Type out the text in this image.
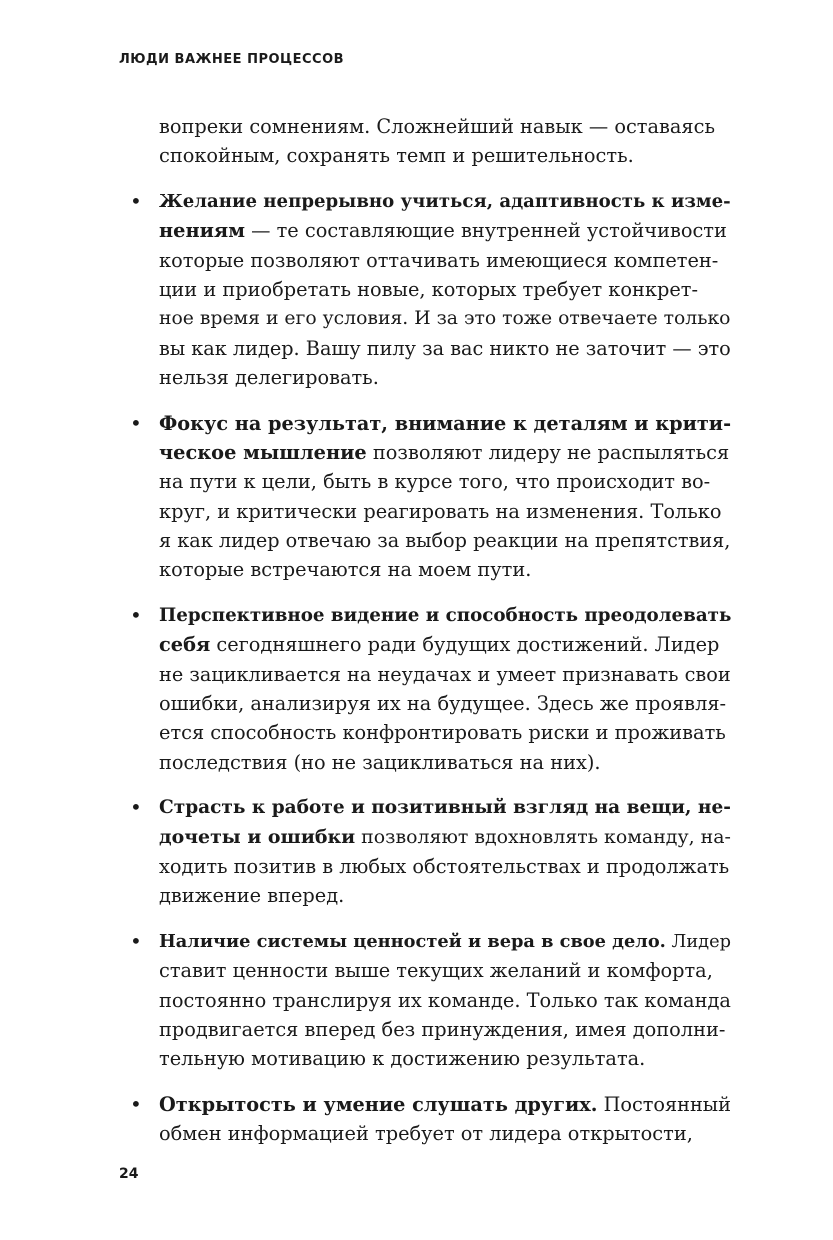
ЛЮДИ ВАЖНЕЕ ПРОЦЕССОВ
вопреки сомнениям. Сложнейший навык — оставаясь
спокойным, сохранять темп и решительность.
• Желание непрерывно учиться, адаптивность к изме-
нениям — те составляющие внутренней устойчивости
которые позволяют оттачивать имеющиеся компетен-
ции и приобретать новые, которых требует конкрет-
ное время и его условия. И за это тоже отвечаете только
вы как лидер. Вашу пилу за вас никто не заточит — это
нельзя делегировать.
• Фокус на результат, внимание к деталям и крити-
ческое мышление позволяют лидеру не распыляться
на пути к цели, быть в курсе того, что происходит во-
круг, и критически реагировать на изменения. Только
я как лидер отвечаю за выбор реакции на препятствия,
которые встречаются на моем пути.
• Перспективное видение и способность преодолевать
себя сегодняшнего ради будущих достижений. Лидер
не зацикливается на неудачах и умеет признавать свои
ошибки, анализируя их на будущее. Здесь же проявля-
ется способность конфронтировать риски и проживать
последствия (но не зацикливаться на них).
• Страсть к работе и позитивный взгляд на вещи, не-
дочеты и ошибки позволяют вдохновлять команду, на-
ходить позитив в любых обстоятельствах и продолжать
движение вперед.
• Наличие системы ценностей и вера в свое дело. Лидер
ставит ценности выше текущих желаний и комфорта,
постоянно транслируя их команде. Только так команда
продвигается вперед без принуждения, имея дополни-
тельную мотивацию к достижению результата.
• Открытость и умение слушать других. Постоянный
обмен информацией требует от лидера открытости,
24
